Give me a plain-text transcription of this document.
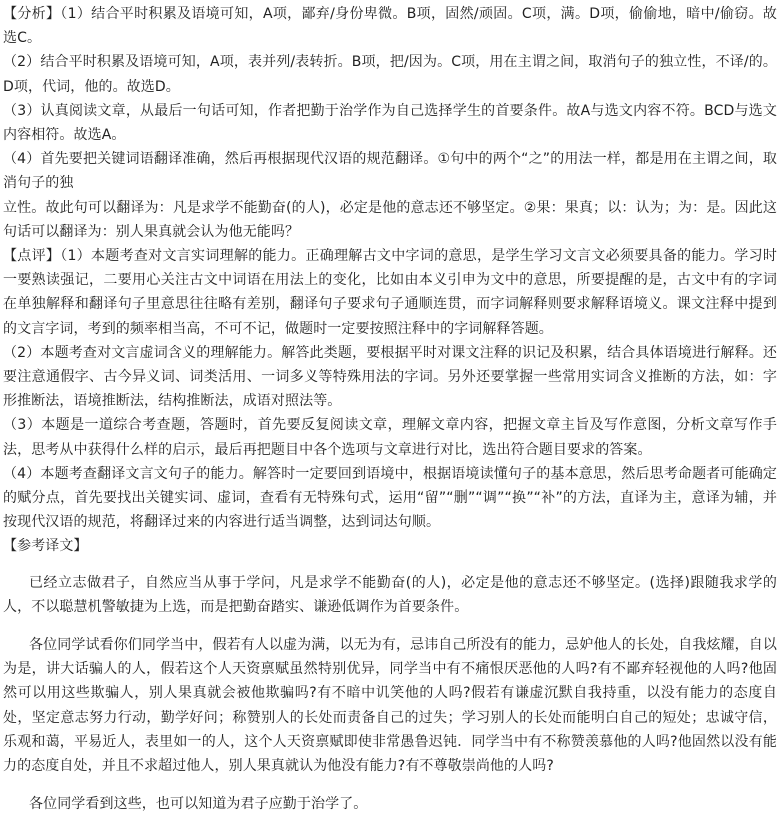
【分析】（1）结合平时积累及语境可知，A项，鄙弃/身份卑微。B项，固然/顽固。C项，满。D项，偷偷地，暗中/偷窃。故选C。

（2）结合平时积累及语境可知，A项，表并列/表转折。B项，把/因为。C项，用在主谓之间，取消句子的独立性，不译/的。D项，代词，他的。故选D。

（3）认真阅读文章，从最后一句话可知，作者把勤于治学作为自己选择学生的首要条件。故A与选文内容不符。BCD与选文内容相符。故选A。

（4）首先要把关键词语翻译准确，然后再根据现代汉语的规范翻译。①句中的两个“之”的用法一样，都是用在主谓之间，取消句子的独

立性。故此句可以翻译为：凡是求学不能勤奋(的人)，必定是他的意志还不够坚定。②果：果真；以：认为；为：是。因此这句话可以翻译为：别人果真就会认为他无能吗？

【点评】（1）本题考查对文言实词理解的能力。正确理解古文中字词的意思，是学生学习文言文必须要具备的能力。学习时一要熟读强记，二要用心关注古文中词语在用法上的变化，比如由本义引申为文中的意思，所要提醒的是，古文中有的字词在单独解释和翻译句子里意思往往略有差别，翻译句子要求句子通顺连贯，而字词解释则要求解释语境义。课文注释中提到的文言字词，考到的频率相当高，不可不记，做题时一定要按照注释中的字词解释答题。

（2）本题考查对文言虚词含义的理解能力。解答此类题，要根据平时对课文注释的识记及积累，结合具体语境进行解释。还要注意通假字、古今异义词、词类活用、一词多义等特殊用法的字词。另外还要掌握一些常用实词含义推断的方法，如：字形推断法，语境推断法，结构推断法，成语对照法等。

（3）本题是一道综合考查题，答题时，首先要反复阅读文章，理解文章内容，把握文章主旨及写作意图，分析文章写作手法，思考从中获得什么样的启示，最后再把题目中各个选项与文章进行对比，选出符合题目要求的答案。

（4）本题考查翻译文言文句子的能力。解答时一定要回到语境中，根据语境读懂句子的基本意思，然后思考命题者可能确定的赋分点，首先要找出关键实词、虚词，查看有无特殊句式，运用“留”“删”“调”“换”“补”的方法，直译为主，意译为辅，并按现代汉语的规范，将翻译过来的内容进行适当调整，达到词达句顺。

【参考译文】

已经立志做君子，自然应当从事于学问，凡是求学不能勤奋(的人)，必定是他的意志还不够坚定。(选择)跟随我求学的人，不以聪慧机警敏捷为上选，而是把勤奋踏实、谦逊低调作为首要条件。

各位同学试看你们同学当中，假若有人以虚为满，以无为有，忌讳自己所没有的能力，忌妒他人的长处，自我炫耀，自以为是，讲大话骗人的人，假若这个人天资禀赋虽然特别优异，同学当中有不痛恨厌恶他的人吗?有不鄙弃轻视他的人吗?他固然可以用这些欺骗人，别人果真就会被他欺骗吗?有不暗中讥笑他的人吗?假若有谦虚沉默自我持重，以没有能力的态度自处，坚定意志努力行动，勤学好问；称赞别人的长处而责备自己的过失；学习别人的长处而能明白自己的短处；忠诚守信，乐观和蔼，平易近人，表里如一的人，这个人天资禀赋即使非常愚鲁迟钝．同学当中有不称赞羡慕他的人吗?他固然以没有能力的态度自处，并且不求超过他人，别人果真就认为他没有能力?有不尊敬崇尚他的人吗?

各位同学看到这些，也可以知道为君子应勤于治学了。
